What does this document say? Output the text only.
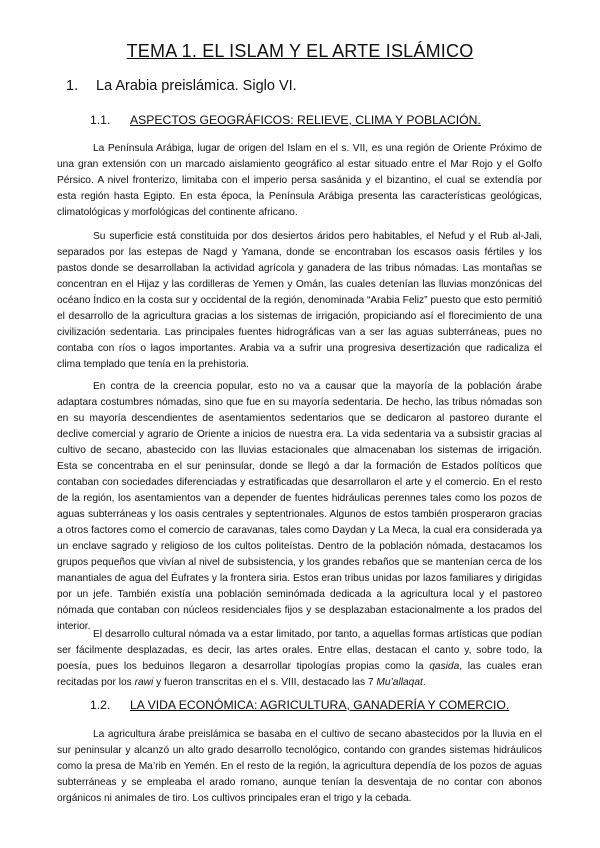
TEMA 1. EL ISLAM Y EL ARTE ISLÁMICO
1. La Arabia preislámica. Siglo VI.
1.1. ASPECTOS GEOGRÁFICOS: RELIEVE, CLIMA Y POBLACIÓN.

La Península Arábiga, lugar de origen del Islam en el s. VII, es una región de Oriente Próximo de una gran extensión con un marcado aislamiento geográfico al estar situado entre el Mar Rojo y el Golfo Pérsico. A nivel fronterizo, limitaba con el imperio persa sasánida y el bizantino, el cual se extendía por esta región hasta Egipto. En esta época, la Península Arábiga presenta las características geológicas, climatológicas y morfológicas del continente africano.

Su superficie está constituida por dos desiertos áridos pero habitables, el Nefud y el Rub al-Jali, separados por las estepas de Nagd y Yamana, donde se encontraban los escasos oasis fértiles y los pastos donde se desarrollaban la actividad agrícola y ganadera de las tribus nómadas. Las montañas se concentran en el Hijaz y las cordilleras de Yemen y Omán, las cuales detenían las lluvias monzónicas del océano Índico en la costa sur y occidental de la región, denominada “Arabia Feliz” puesto que esto permitió el desarrollo de la agricultura gracias a los sistemas de irrigación, propiciando así el florecimiento de una civilización sedentaria. Las principales fuentes hidrográficas van a ser las aguas subterráneas, pues no contaba con ríos o lagos importantes. Arabia va a sufrir una progresiva desertización que radicaliza el clima templado que tenía en la prehistoria.

En contra de la creencia popular, esto no va a causar que la mayoría de la población árabe adaptara costumbres nómadas, sino que fue en su mayoría sedentaria. De hecho, las tribus nómadas son en su mayoría descendientes de asentamientos sedentarios que se dedicaron al pastoreo durante el declive comercial y agrario de Oriente a inicios de nuestra era. La vida sedentaria va a subsistir gracias al cultivo de secano, abastecido con las lluvias estacionales que almacenaban los sistemas de irrigación. Esta se concentraba en el sur peninsular, donde se llegó a dar la formación de Estados políticos que contaban con sociedades diferenciadas y estratificadas que desarrollaron el arte y el comercio. En el resto de la región, los asentamientos van a depender de fuentes hidráulicas perennes tales como los pozos de aguas subterráneas y los oasis centrales y septentrionales. Algunos de estos también prosperaron gracias a otros factores como el comercio de caravanas, tales como Daydan y La Meca, la cual era considerada ya un enclave sagrado y religioso de los cultos politeístas. Dentro de la población nómada, destacamos los grupos pequeños que vivían al nivel de subsistencia, y los grandes rebaños que se mantenían cerca de los manantiales de agua del Éufrates y la frontera siria. Estos eran tribus unidas por lazos familiares y dirigidas por un jefe. También existía una población seminómada dedicada a la agricultura local y el pastoreo nómada que contaban con núcleos residenciales fijos y se desplazaban estacionalmente a los prados del interior.

El desarrollo cultural nómada va a estar limitado, por tanto, a aquellas formas artísticas que podían ser fácilmente desplazadas, es decir, las artes orales. Entre ellas, destacan el canto y, sobre todo, la poesía, pues los beduinos llegaron a desarrollar tipologías propias como la qasida, las cuales eran recitadas por los rawi y fueron transcritas en el s. VIII, destacado las 7 Mu’allaqat.

1.2. LA VIDA ECONÓMICA: AGRICULTURA, GANADERÍA Y COMERCIO.

La agricultura árabe preislámica se basaba en el cultivo de secano abastecidos por la lluvia en el sur peninsular y alcanzó un alto grado desarrollo tecnológico, contando con grandes sistemas hidráulicos como la presa de Ma’rib en Yemén. En el resto de la región, la agricultura dependía de los pozos de aguas subterráneas y se empleaba el arado romano, aunque tenían la desventaja de no contar con abonos orgánicos ni animales de tiro. Los cultivos principales eran el trigo y la cebada.
